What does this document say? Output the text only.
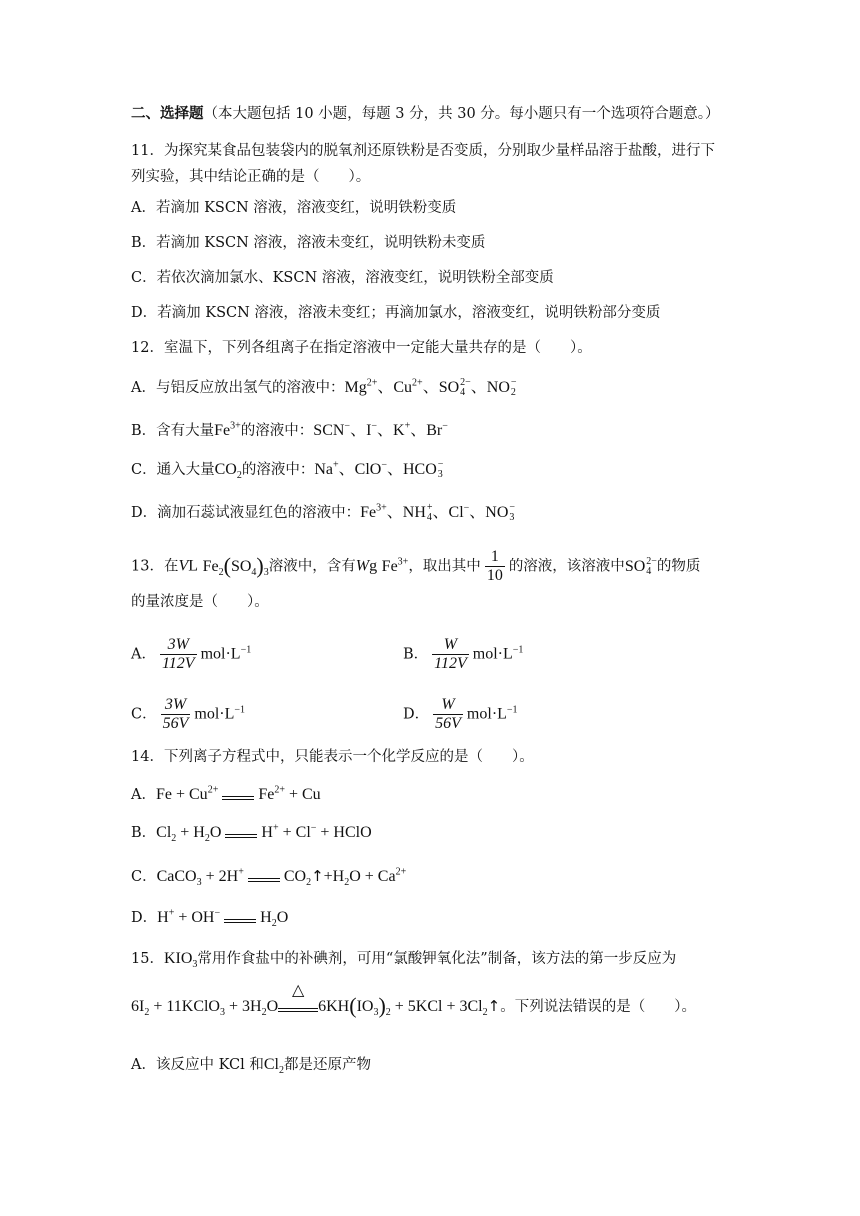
二、选择题（本大题包括 10 小题，每题 3 分，共 30 分。每小题只有一个选项符合题意。）
11．为探究某食品包装袋内的脱氧剂还原铁粉是否变质，分别取少量样品溶于盐酸，进行下
列实验，其中结论正确的是（　　）。
A．若滴加 KSCN 溶液，溶液变红，说明铁粉变质
B．若滴加 KSCN 溶液，溶液未变红，说明铁粉未变质
C．若依次滴加氯水、KSCN 溶液，溶液变红，说明铁粉全部变质
D．若滴加 KSCN 溶液，溶液未变红；再滴加氯水，溶液变红，说明铁粉部分变质
12．室温下，下列各组离子在指定溶液中一定能大量共存的是（　　）。
A．与铝反应放出氢气的溶液中：$Mg^{2+}$、$Cu^{2+}$、SO 2−
4 、NO −
2
B．含有大量$Fe^{3+}$的溶液中：SCN−、I−、K+、Br−
C．通入大量$CO_2$的溶液中：Na+、ClO−、HCO −
3
D．滴加石蕊试液显红色的溶液中：$Fe^{3+}$、NH +
4 、Cl−、NO −
3
13．在VL $Fe_2(SO_4)_3$溶液中，含有Wg $Fe^{3+}$，取出其中 $\frac{1}{10}$ 的溶液，该溶液中SO 2−
4 的物质
的量浓度是（　　）。
A． $\frac{3W}{112V} mol\cdot L^{-1}$	B． $\frac{W}{112V} mol\cdot L^{-1}$
C． $\frac{3W}{56V} mol\cdot L^{-1}$	D． $\frac{W}{56V} mol\cdot L^{-1}$
14．下列离子方程式中，只能表示一个化学反应的是（　　）。
A．$Fe + Cu^{2+}$
$Fe^{2+} + Cu$
B．$Cl_2 + H_2O$
H+ + Cl− + HClO
C．CaCO$_3$ + 2H+
$CO_2↑+H_2O + Ca^{2+}$
D．H+ + OH−
$H_2O$
15．$KIO_3$常用作食盐中的补碘剂，可用“氯酸钾氧化法”制备，该方法的第一步反应为
$6I_2$ + 11KClO$_3$ + $3H_2O$
△
$6KH(IO_3)_2 + 5KCl$ + $3Cl_2↑$。下列说法错误的是（　　）。
A．该反应中 KCl 和$Cl_2$都是还原产物
